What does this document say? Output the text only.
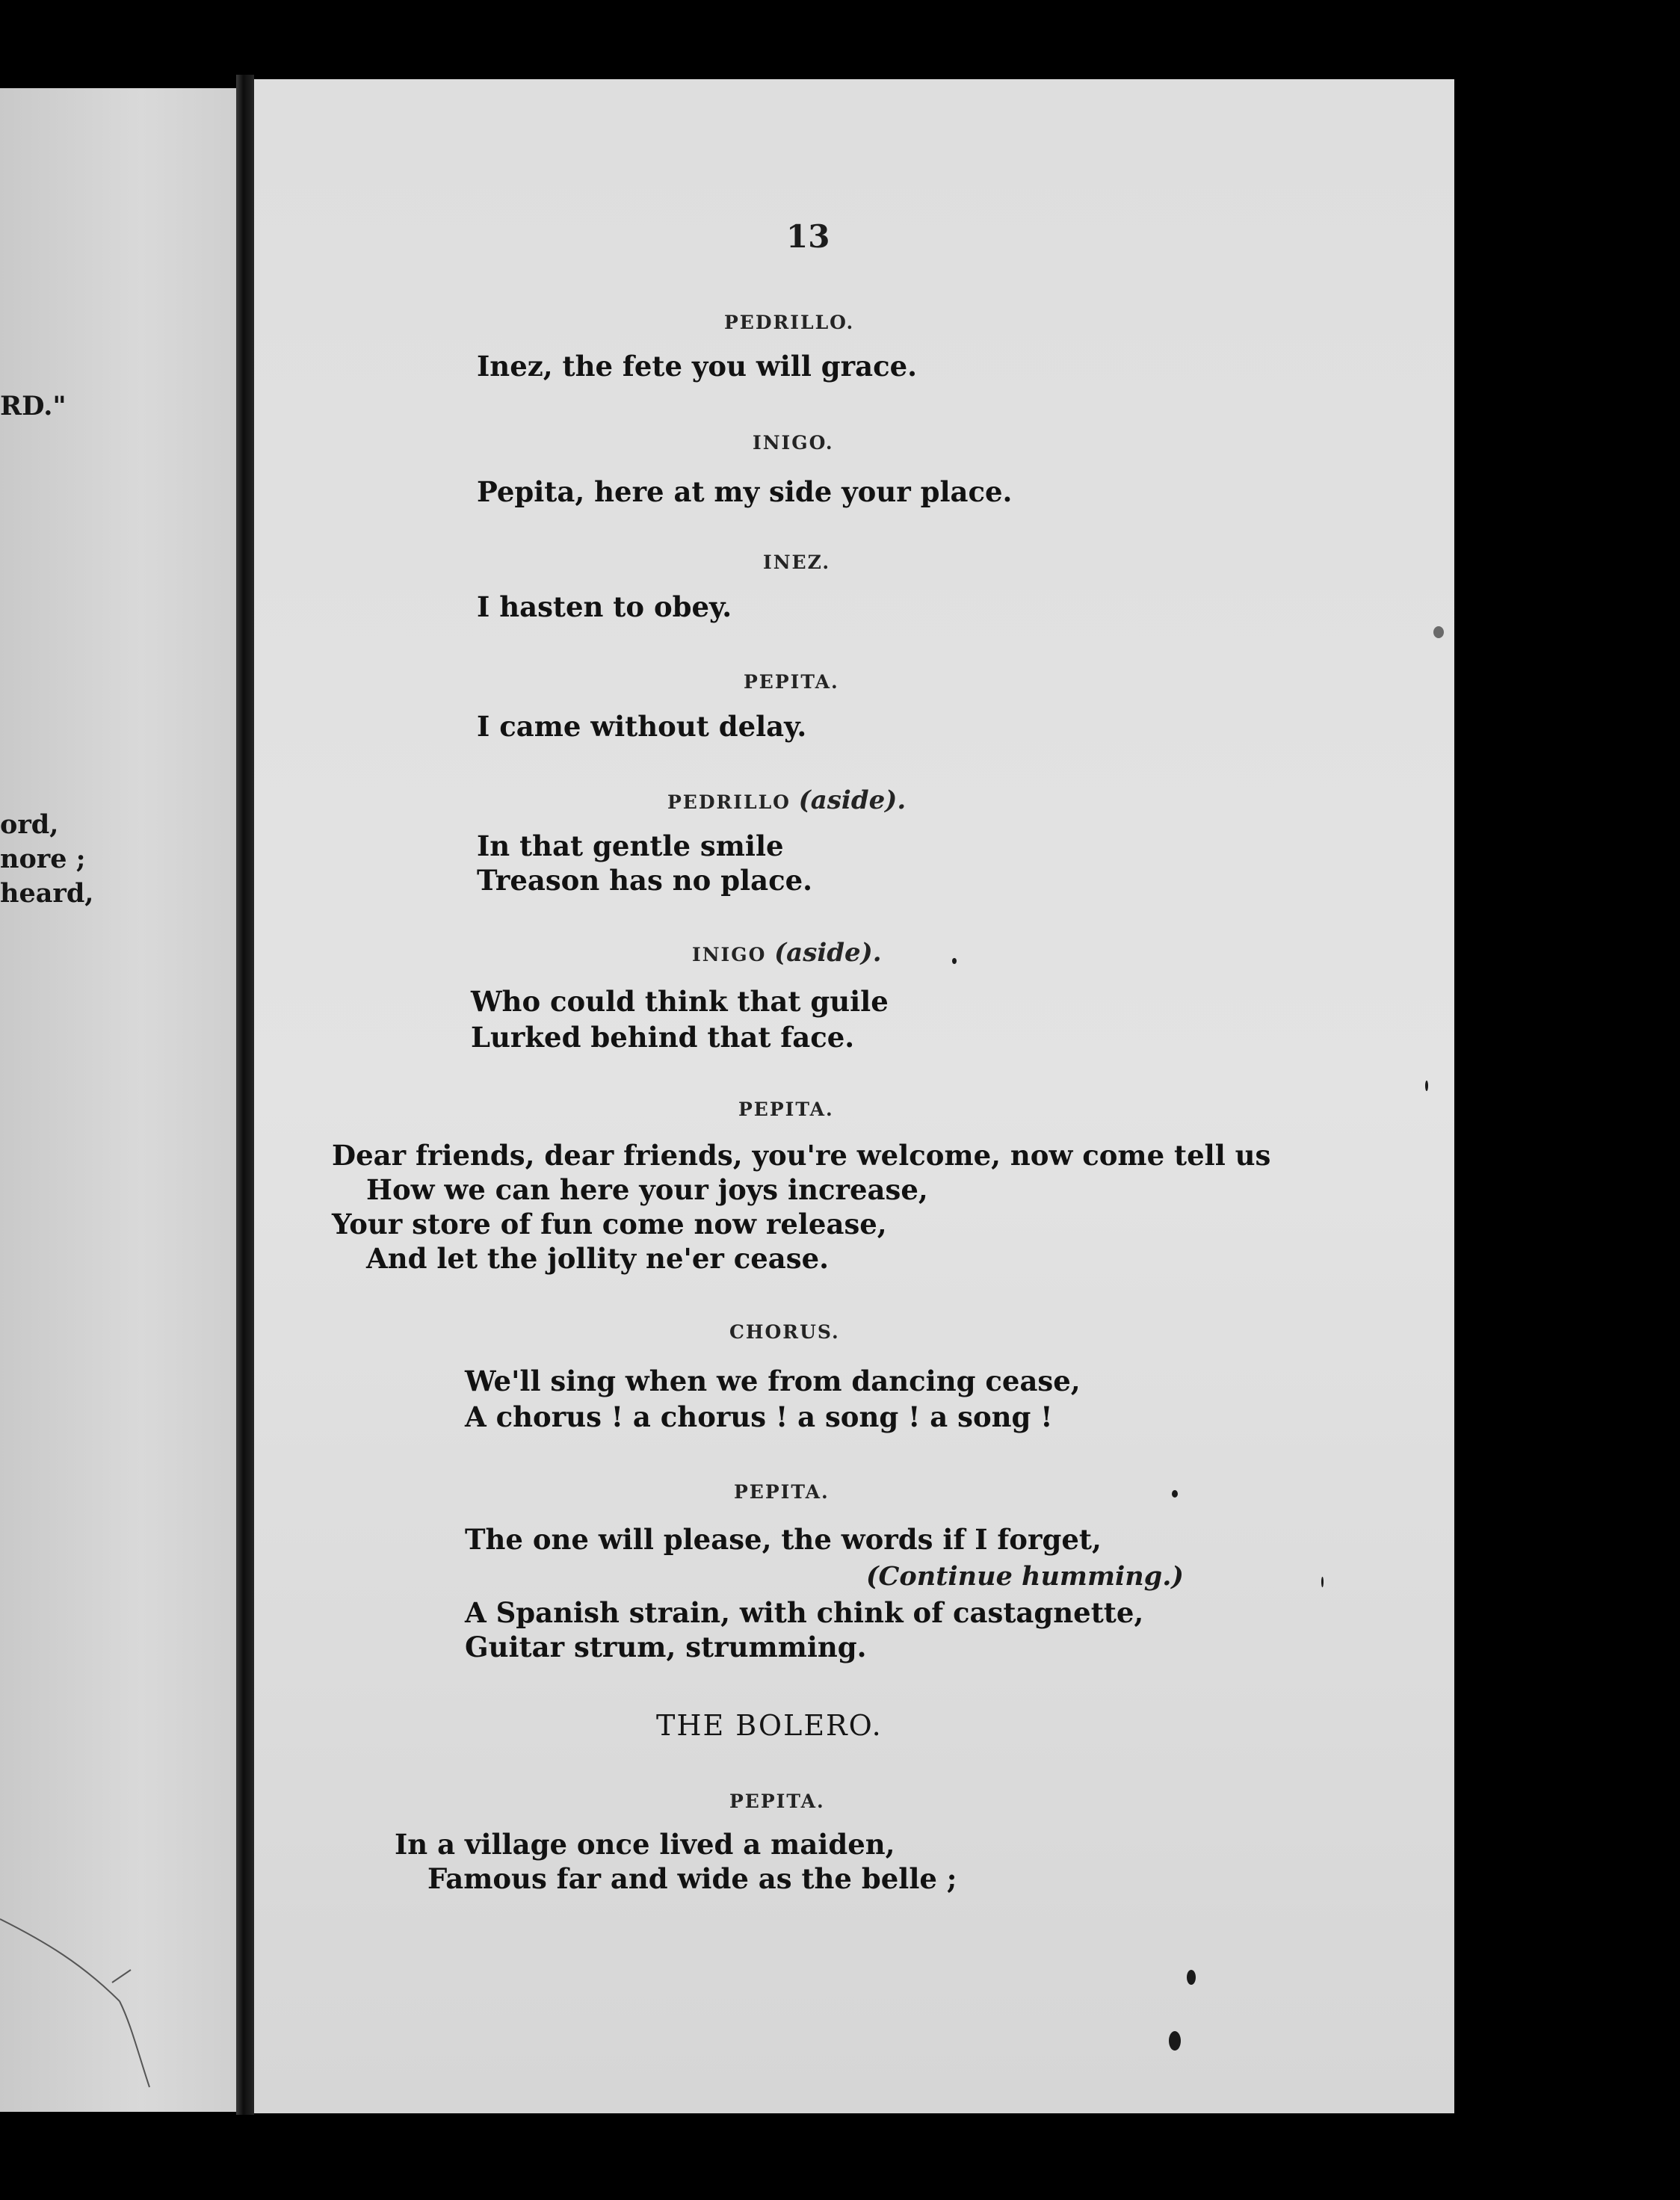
RD."
ord,
nore ;
heard,
13
PEDRILLO.
Inez, the fete you will grace.
INIGO.
Pepita, here at my side your place.
INEZ.
I hasten to obey.
PEPITA.
I came without delay.
PEDRILLO (aside).
In that gentle smile
Treason has no place.
INIGO (aside).
Who could think that guile
Lurked behind that face.
PEPITA.
Dear friends, dear friends, you're welcome, now come tell us
How we can here your joys increase,
Your store of fun come now release,
And let the jollity ne'er cease.
CHORUS.
We'll sing when we from dancing cease,
A chorus ! a chorus ! a song ! a song !
PEPITA.
The one will please, the words if I forget,
(Continue humming.)
A Spanish strain, with chink of castagnette,
Guitar strum, strumming.
THE BOLERO.
PEPITA.
In a village once lived a maiden,
Famous far and wide as the belle ;
